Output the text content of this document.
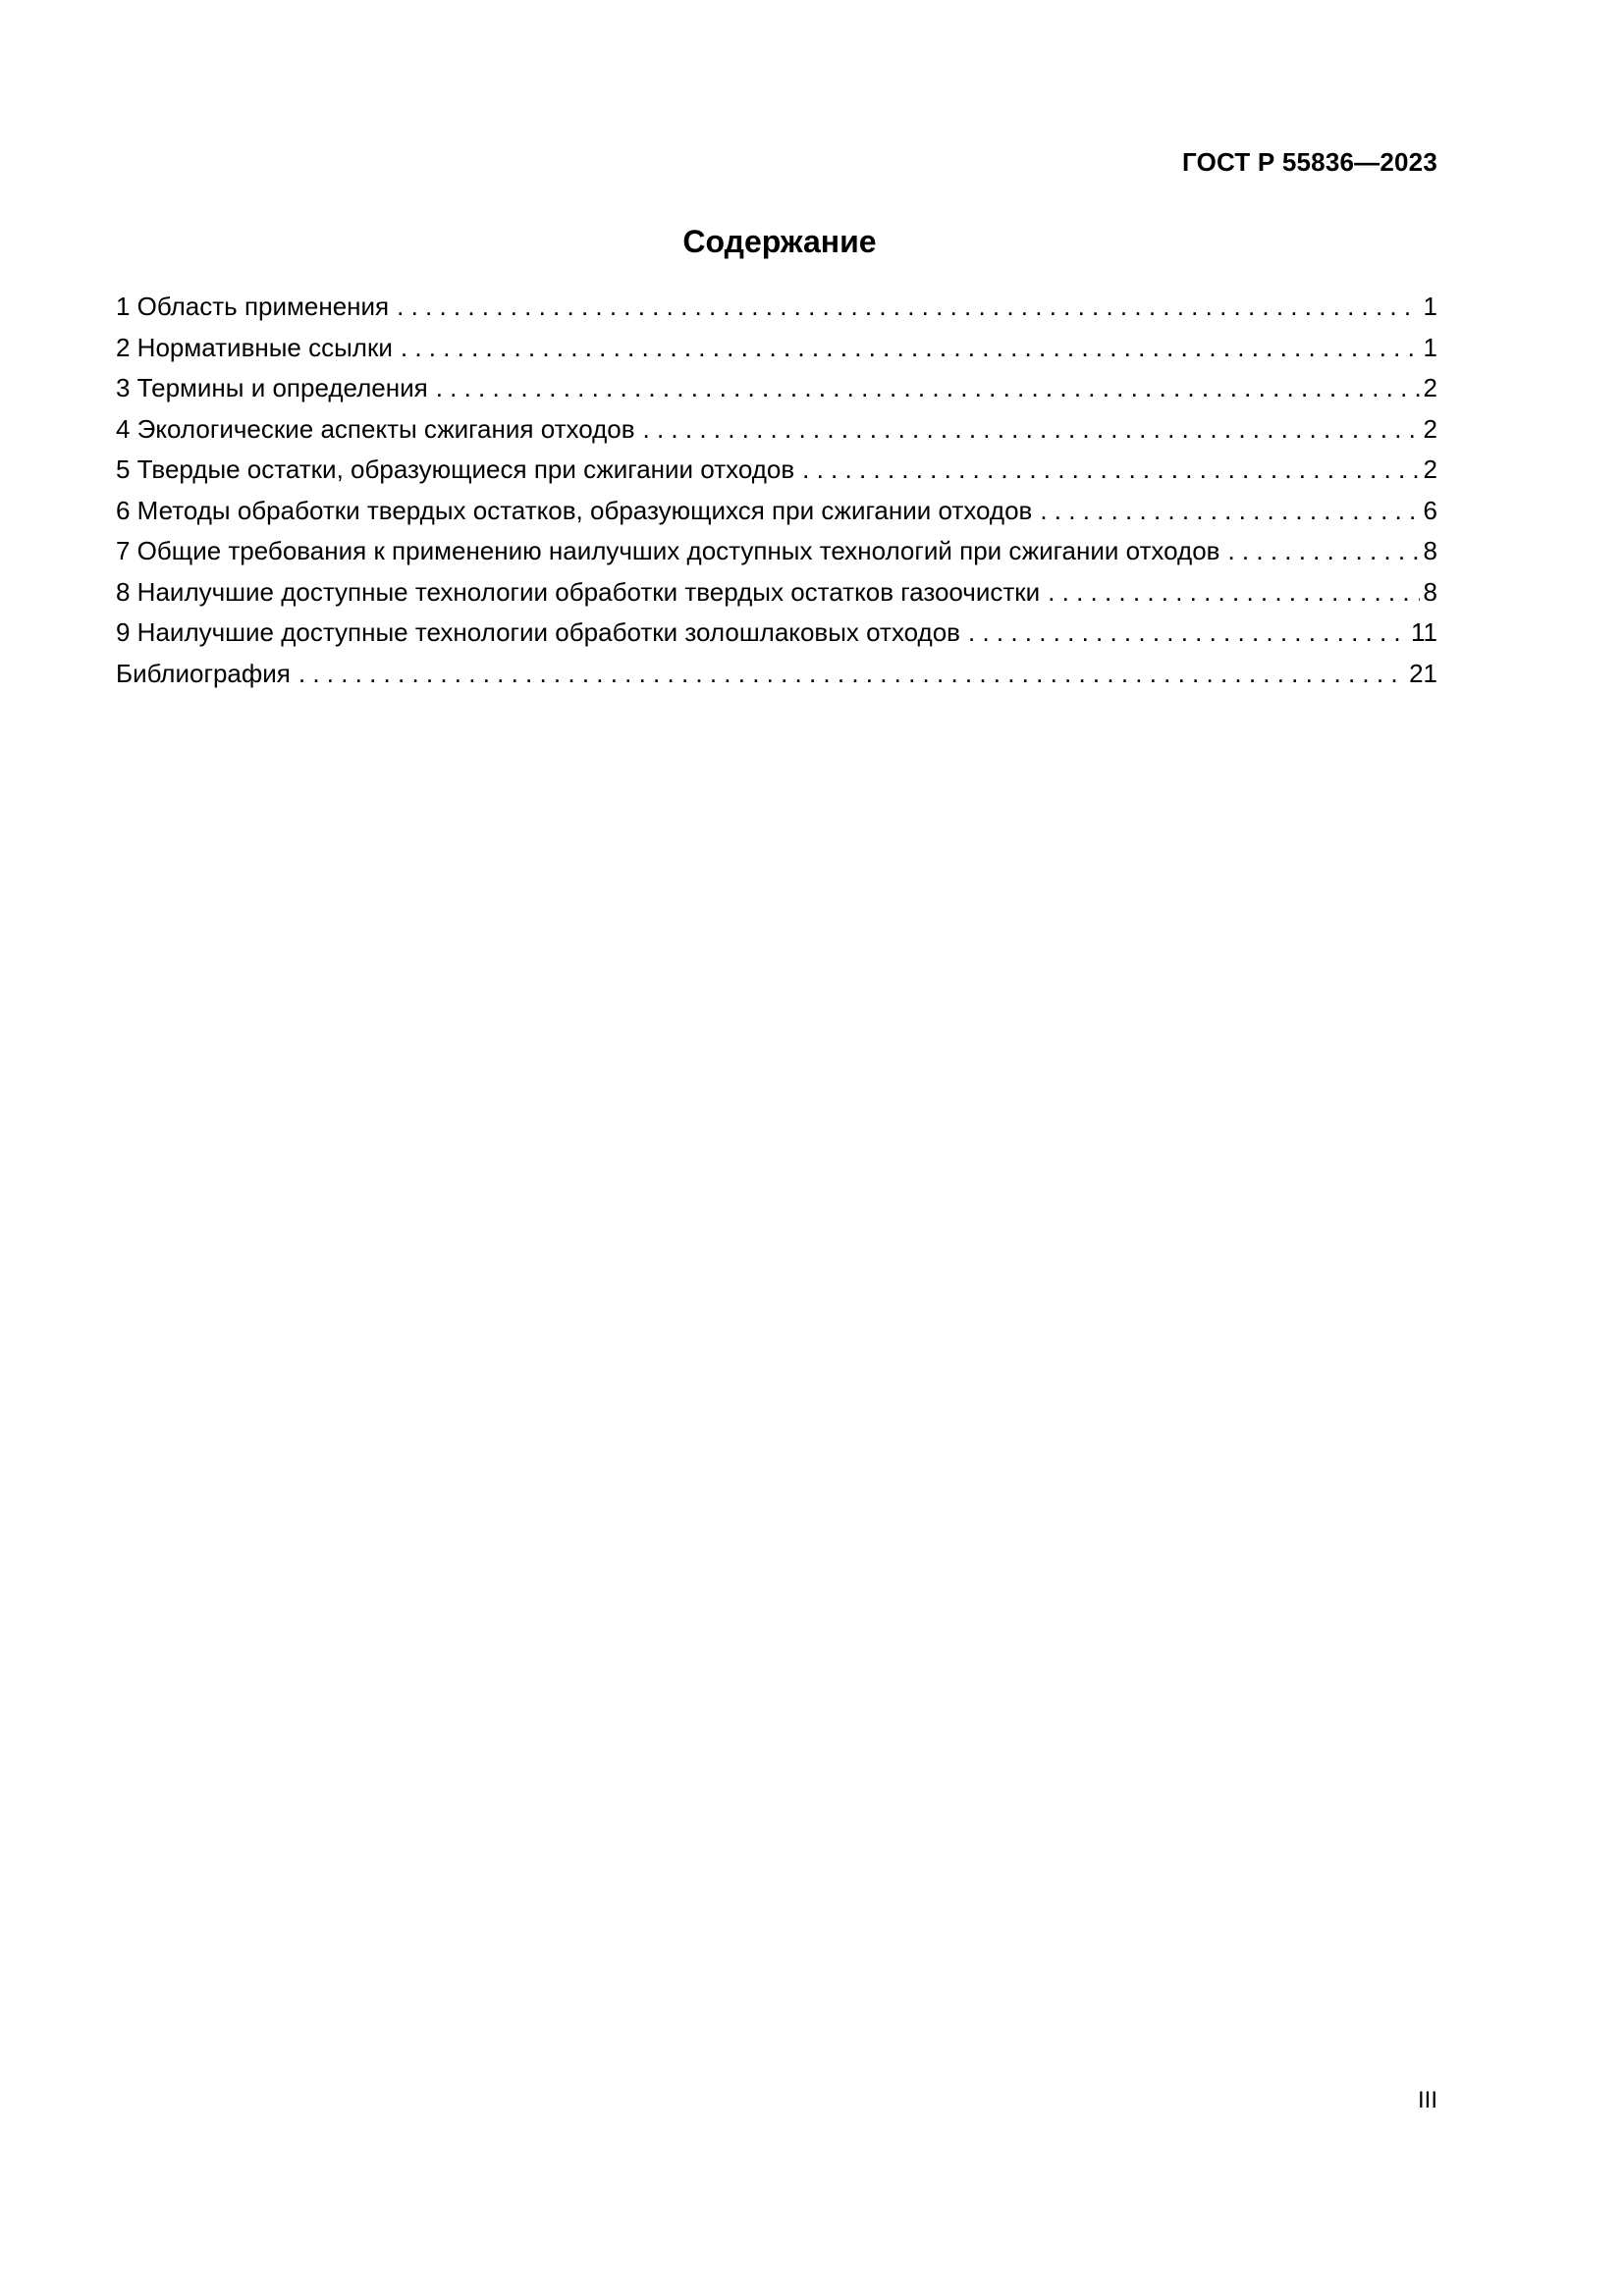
ГОСТ Р 55836—2023
Содержание
1 Область применения . . .	1
2 Нормативные ссылки . . .	1
3 Термины и определения . . .	2
4 Экологические аспекты сжигания отходов . . .	2
5 Твердые остатки, образующиеся при сжигании отходов . . .	2
6 Методы обработки твердых остатков, образующихся при сжигании отходов . . .	6
7 Общие требования к применению наилучших доступных технологий при сжигании отходов . . .	8
8 Наилучшие доступные технологии обработки твердых остатков газоочистки . . .	8
9 Наилучшие доступные технологии обработки золошлаковых отходов . . .	11
Библиография . . .	21
III
